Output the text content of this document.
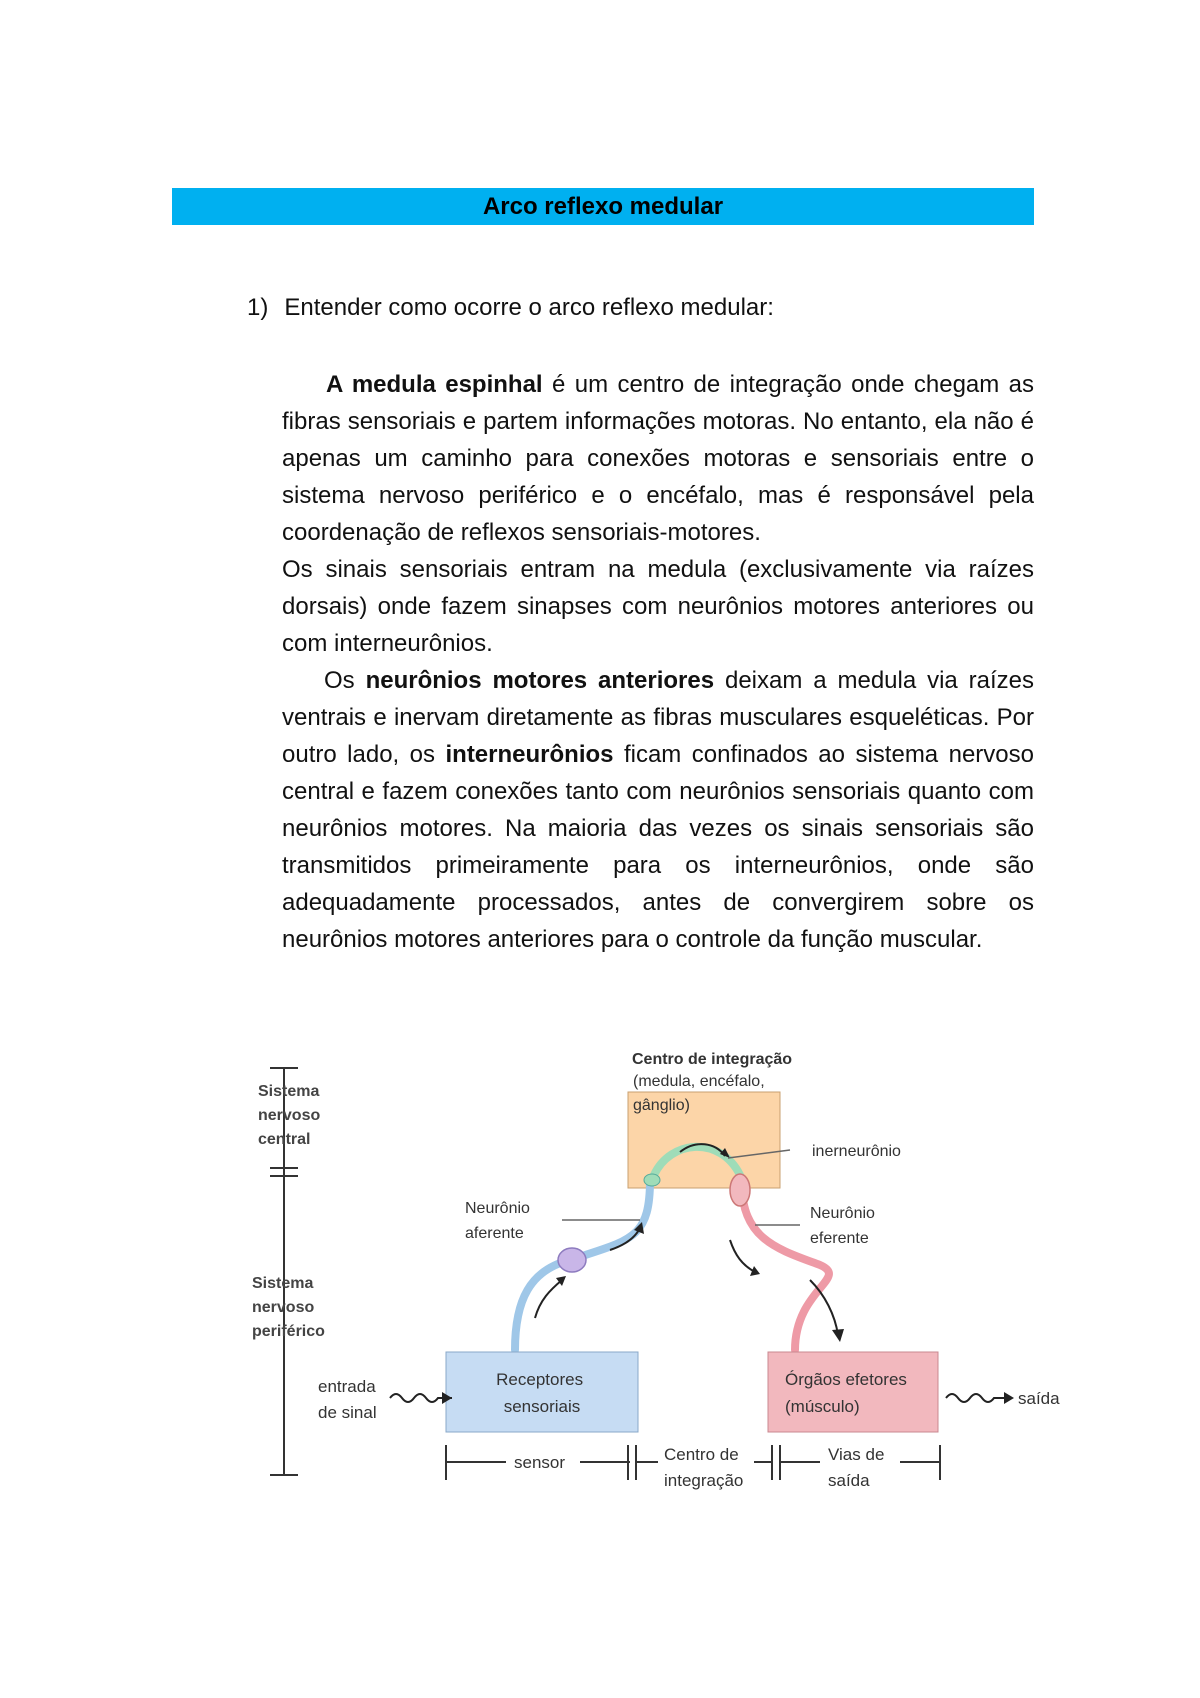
Arco reflexo medular
1) Entender como ocorre o arco reflexo medular:

A medula espinhal é um centro de integração onde chegam as fibras sensoriais e partem informações motoras. No entanto, ela não é apenas um caminho para conexões motoras e sensoriais entre o sistema nervoso periférico e o encéfalo, mas é responsável pela coordenação de reflexos sensoriais-motores.

Os sinais sensoriais entram na medula (exclusivamente via raízes dorsais) onde fazem sinapses com neurônios motores anteriores ou com interneurônios.

Os neurônios motores anteriores deixam a medula via raízes ventrais e inervam diretamente as fibras musculares esqueléticas. Por outro lado, os interneurônios ficam confinados ao sistema nervoso central e fazem conexões tanto com neurônios sensoriais quanto com neurônios motores. Na maioria das vezes os sinais sensoriais são transmitidos primeiramente para os interneurônios, onde são adequadamente processados, antes de convergirem sobre os neurônios motores anteriores para o controle da função muscular.

Sistema nervoso central
Sistema nervoso periférico
Centro de integração
(medula, encéfalo, gânglio)
inerneurônio
Neurônio aferente
Neurônio eferente
Receptores sensoriais
Órgãos efetores (músculo)
entrada de sinal
saída
sensor	Centro de integração
Vias de saída
